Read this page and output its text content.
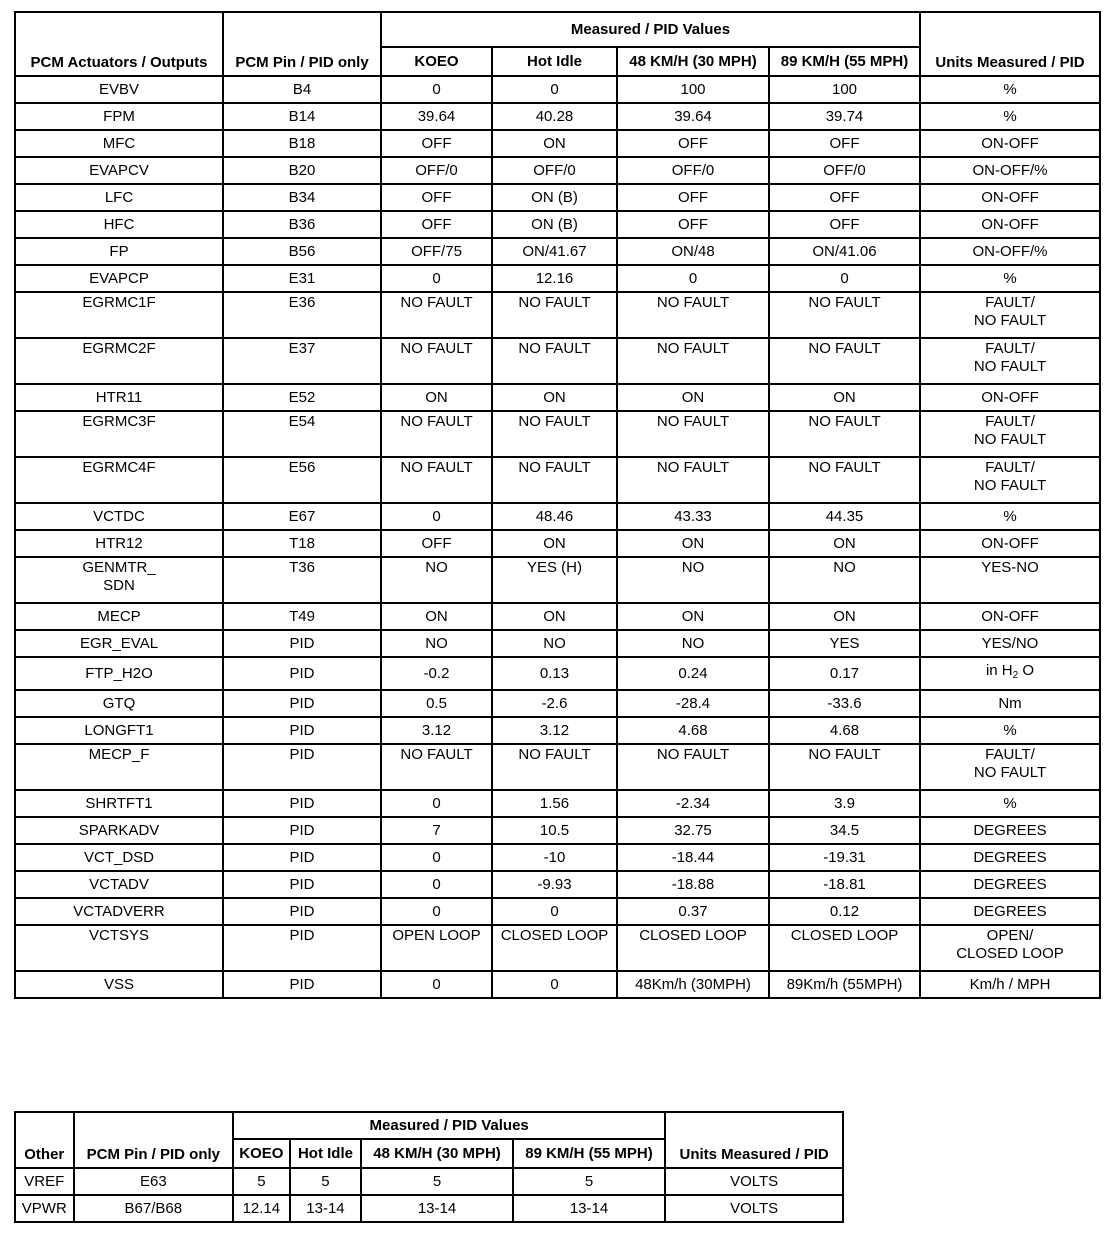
PCM Actuators / Outputs	PCM Pin / PID only	Measured / PID Values				Units Measured / PID
		KOEO	Hot Idle	48 KM/H (30 MPH)	89 KM/H (55 MPH)	
EVBV	B4	0	0	100	100	%
FPM	B14	39.64	40.28	39.64	39.74	%
MFC	B18	OFF	ON	OFF	OFF	ON-OFF
EVAPCV	B20	OFF/0	OFF/0	OFF/0	OFF/0	ON-OFF/%
LFC	B34	OFF	ON (B)	OFF	OFF	ON-OFF
HFC	B36	OFF	ON (B)	OFF	OFF	ON-OFF
FP	B56	OFF/75	ON/41.67	ON/48	ON/41.06	ON-OFF/%
EVAPCP	E31	0	12.16	0	0	%
EGRMC1F	E36	NO FAULT	NO FAULT	NO FAULT	NO FAULT	FAULT/
NO FAULT
EGRMC2F	E37	NO FAULT	NO FAULT	NO FAULT	NO FAULT	FAULT/
NO FAULT
HTR11	E52	ON	ON	ON	ON	ON-OFF
EGRMC3F	E54	NO FAULT	NO FAULT	NO FAULT	NO FAULT	FAULT/
NO FAULT
EGRMC4F	E56	NO FAULT	NO FAULT	NO FAULT	NO FAULT	FAULT/
NO FAULT
VCTDC	E67	0	48.46	43.33	44.35	%
HTR12	T18	OFF	ON	ON	ON	ON-OFF
GENMTR_
SDN	T36	NO	YES (H)	NO	NO	YES-NO
MECP	T49	ON	ON	ON	ON	ON-OFF
EGR_EVAL	PID	NO	NO	NO	YES	YES/NO
FTP_H2O	PID	-0.2	0.13	0.24	0.17	in $H_2$ O
GTQ	PID	0.5	-2.6	-28.4	-33.6	Nm
LONGFT1	PID	3.12	3.12	4.68	4.68	%
MECP_F	PID	NO FAULT	NO FAULT	NO FAULT	NO FAULT	FAULT/
NO FAULT
SHRTFT1	PID	0	1.56	-2.34	3.9	%
SPARKADV	PID	7	10.5	32.75	34.5	DEGREES
VCT_DSD	PID	0	-10	-18.44	-19.31	DEGREES
VCTADV	PID	0	-9.93	-18.88	-18.81	DEGREES
VCTADVERR	PID	0	0	0.37	0.12	DEGREES
VCTSYS	PID	OPEN LOOP	CLOSED LOOP	CLOSED LOOP	CLOSED LOOP	OPEN/
CLOSED LOOP
VSS	PID	0	0	48Km/h (30MPH)	89Km/h (55MPH)	Km/h / MPH
Other	PCM Pin / PID only	Measured / PID Values				Units Measured / PID
		KOEO	Hot Idle	48 KM/H (30 MPH)	89 KM/H (55 MPH)	
VREF	E63	5	5	5	5	VOLTS
VPWR	B67/B68	12.14	13-14	13-14	13-14	VOLTS
